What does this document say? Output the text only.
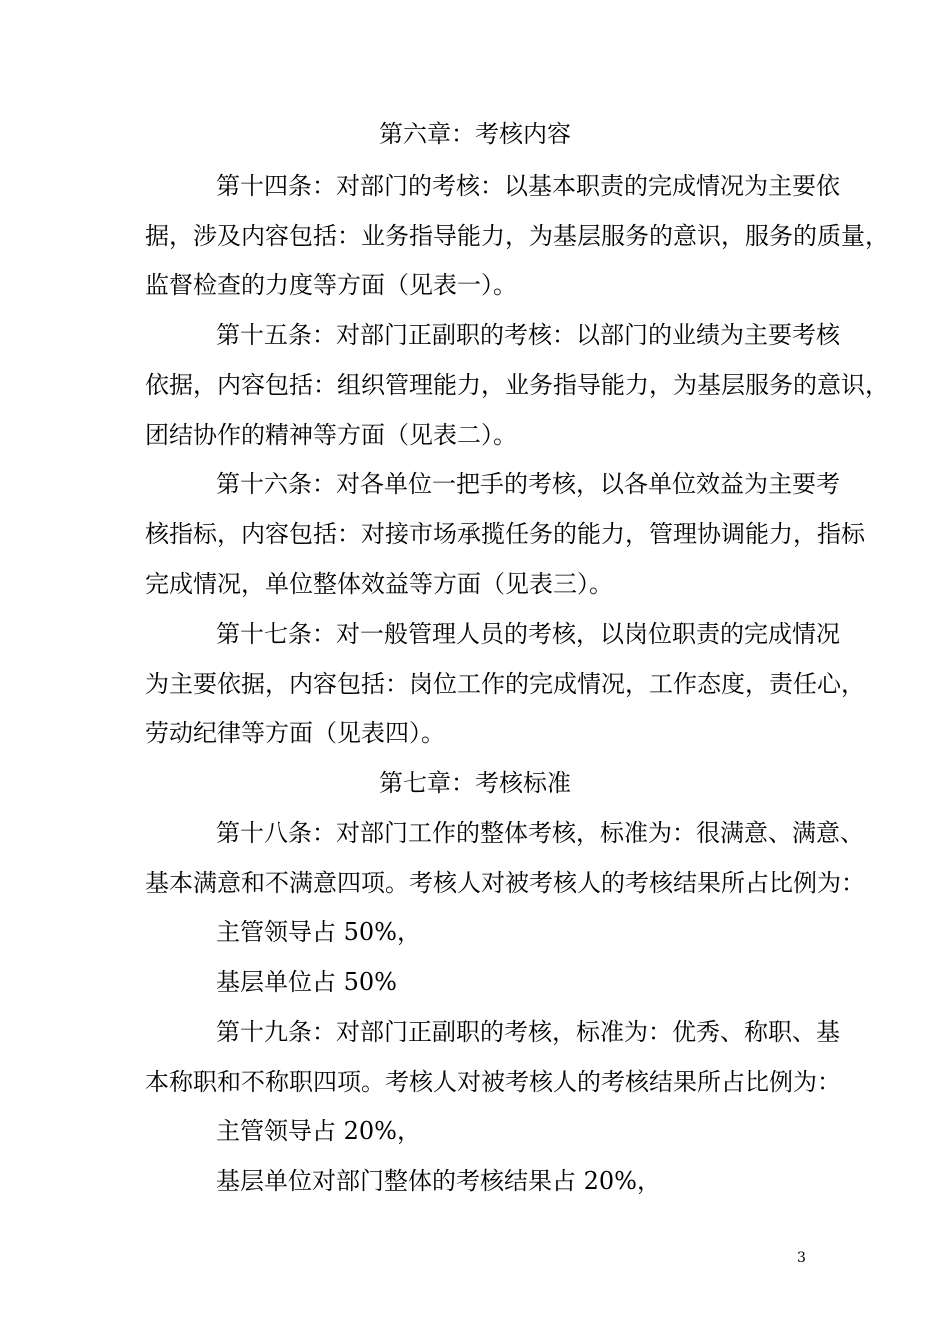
第六章：考核内容
第十四条：对部门的考核：以基本职责的完成情况为主要依
据，涉及内容包括：业务指导能力，为基层服务的意识，服务的质量，
监督检查的力度等方面（见表一）。
第十五条：对部门正副职的考核：以部门的业绩为主要考核
依据，内容包括：组织管理能力，业务指导能力，为基层服务的意识，
团结协作的精神等方面（见表二）。
第十六条：对各单位一把手的考核，以各单位效益为主要考
核指标，内容包括：对接市场承揽任务的能力，管理协调能力，指标
完成情况，单位整体效益等方面（见表三）。
第十七条：对一般管理人员的考核，以岗位职责的完成情况
为主要依据，内容包括：岗位工作的完成情况，工作态度，责任心，
劳动纪律等方面（见表四）。
第七章：考核标准
第十八条：对部门工作的整体考核，标准为：很满意、满意、
基本满意和不满意四项。考核人对被考核人的考核结果所占比例为：
主管领导占 50%，
基层单位占 50%
第十九条：对部门正副职的考核，标准为：优秀、称职、基
本称职和不称职四项。考核人对被考核人的考核结果所占比例为：
主管领导占 20%，
基层单位对部门整体的考核结果占 20%，
3
